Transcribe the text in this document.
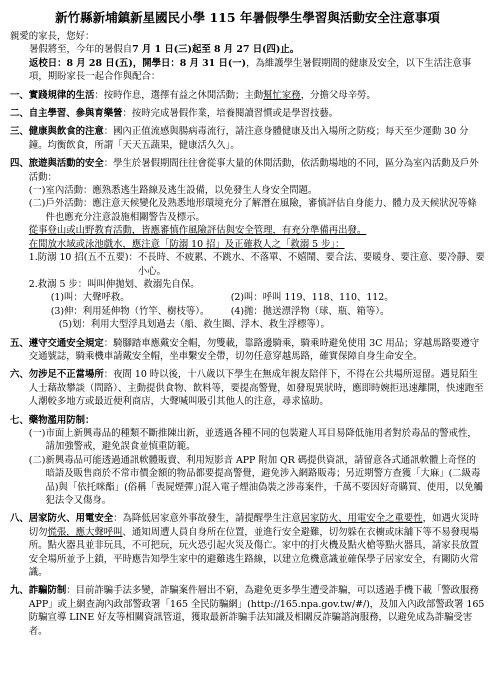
新竹縣新埔鎮新星國民小學 115 年暑假學生學習與活動安全注意事項

親愛的家長，您好：

暑假將至，今年的暑假自7 月 1 日(三)起至 8 月 27 日(四)止。
返校日：8 月 28 日(五)，開學日：8 月 31 日(一)，為維護學生暑假期間的健康及安全，以下生活注意事項，期盼家長一起合作與配合：

一、 實踐規律的生活：按時作息，選擇有益之休閒活動；主動幫忙家務，分擔父母辛勞。
二、 自主學習、參與育樂營：按時完成暑假作業，培養閱讀習慣或是學習技藝。
三、 健康與飲食的注意：國內正值流感與腸病毒流行，請注意身體健康及出入場所之防疫；每天至少運動 30 分鐘。均衡飲食，所謂「天天五蔬果，健康活久久」。
四、 旅遊與活動的安全：學生於暑假期間往往會從事大量的休閒活動，依活動場地的不同，區分為室內活動及戶外活動：
(一) 室內活動：應熟悉逃生路線及逃生設備，以免發生人身安全問題。
(二) 戶外活動：應注意天候變化及熟悉地形環境充分了解潛在風險，審慎評估自身能力、體力及天候狀況等條件也應充分注意設施相關警告及標示。
從事登山或山野教育活動，皆應審慎作風險評估與安全管理，有充分準備再出發。
在閒放水域或泳池戲水，應注意「防溺 10 招」及正確救人之「救溺 5 步」：
1.防溺 10 招(五不五要)： 不長時、不疲累、不跳水、不落單、不嬉鬧、要合法、要暖身、要注意、要冷靜、要小心。
2.救溺 5 步： 叫叫伸拋划、救溺先自保。
(1)叫：大聲呼救。	(2)叫：呼叫 119、118、110、112。
(3)伸：利用延伸物（竹竿、樹枝等）。	(4)拋：拋送漂浮物（球、瓶、箱等）。
(5)划：利用大型浮具划過去（船、救生圈、浮木、救生浮標等）。
五、 遵守交通安全規定：騎腳踏車應戴安全帽，勿雙載，靠路邊騎乘，騎乘時避免使用 3C 用品；穿越馬路要遵守交通號誌，騎乘機車請戴安全帽，坐車繫安全帶，切勿任意穿越馬路，確實保障自身生命安全。
六、 勿涉足不正當場所：夜間 10 時以後，十八歲以下學生在無成年親友陪伴下，不得在公共場所逗留。遇見陌生人士藉故攀談（問路）、主動提供食物、飲料等，要提高警覺，如發現異狀時，應即時婉拒迅速離開，快速跑至人潮較多地方或最近便利商店，大聲喊叫吸引其他人的注意，尋求協助。
七、 藥物濫用防制：
(一) 市面上新興毒品的種類不斷推陳出新，並透過各種不同的包裝避人耳目易降低施用者對於毒品的警戒性，請加強警戒，避免誤食並慎重防範。
(二) 新興毒品可能透過通訊軟體販賣、利用短影音 APP 附加 QR 碼提供資訊，請留意各式通訊軟體上奇怪的暗語及販售商於不常市價金額的物品都要提高警覺，避免涉入網路販毒；另近期警方查獲「大麻」(二級毒品)與「依托咪酯」(俗稱「喪屍煙彈」)混入電子煙油偽裝之涉毒案件，千萬不要因好奇購買、使用，以免觸犯法令又傷身。
八、 居家防火、用電安全：為降低居家意外事故發生，請提醒學生注意居家防火、用電安全之重要性，如遇火災時切勿慌張，應大聲呼叫、通知周遭人員自身所在位置，並進行安全避難，切勿躲在衣櫥或床舖下等不易發現場所。點火器具並非玩具，不可把玩，玩火恐引起火災及傷亡。家中的打火機及點火槍等點火器具，請家長放置安全場所並予上鎖，平時應告知學生家中的避難逃生路線，以建立危機意識並確保學子居家安全，有關防火常識。
九、 詐騙防制：目前詐騙手法多變，詐騙案件層出不窮，為避免更多學生遭受詐騙，可以透過手機下載「警政服務 APP」或上網查詢內政部警政署「165 全民防騙網」(http://165.npa.gov.tw/#/)，及加入內政部警政署 165 防騙宣導 LINE 好友等相關資訊管道，獲取最新詐騙手法知識及相關反詐騙諮詢服務，以避免成為詐騙受害者。
